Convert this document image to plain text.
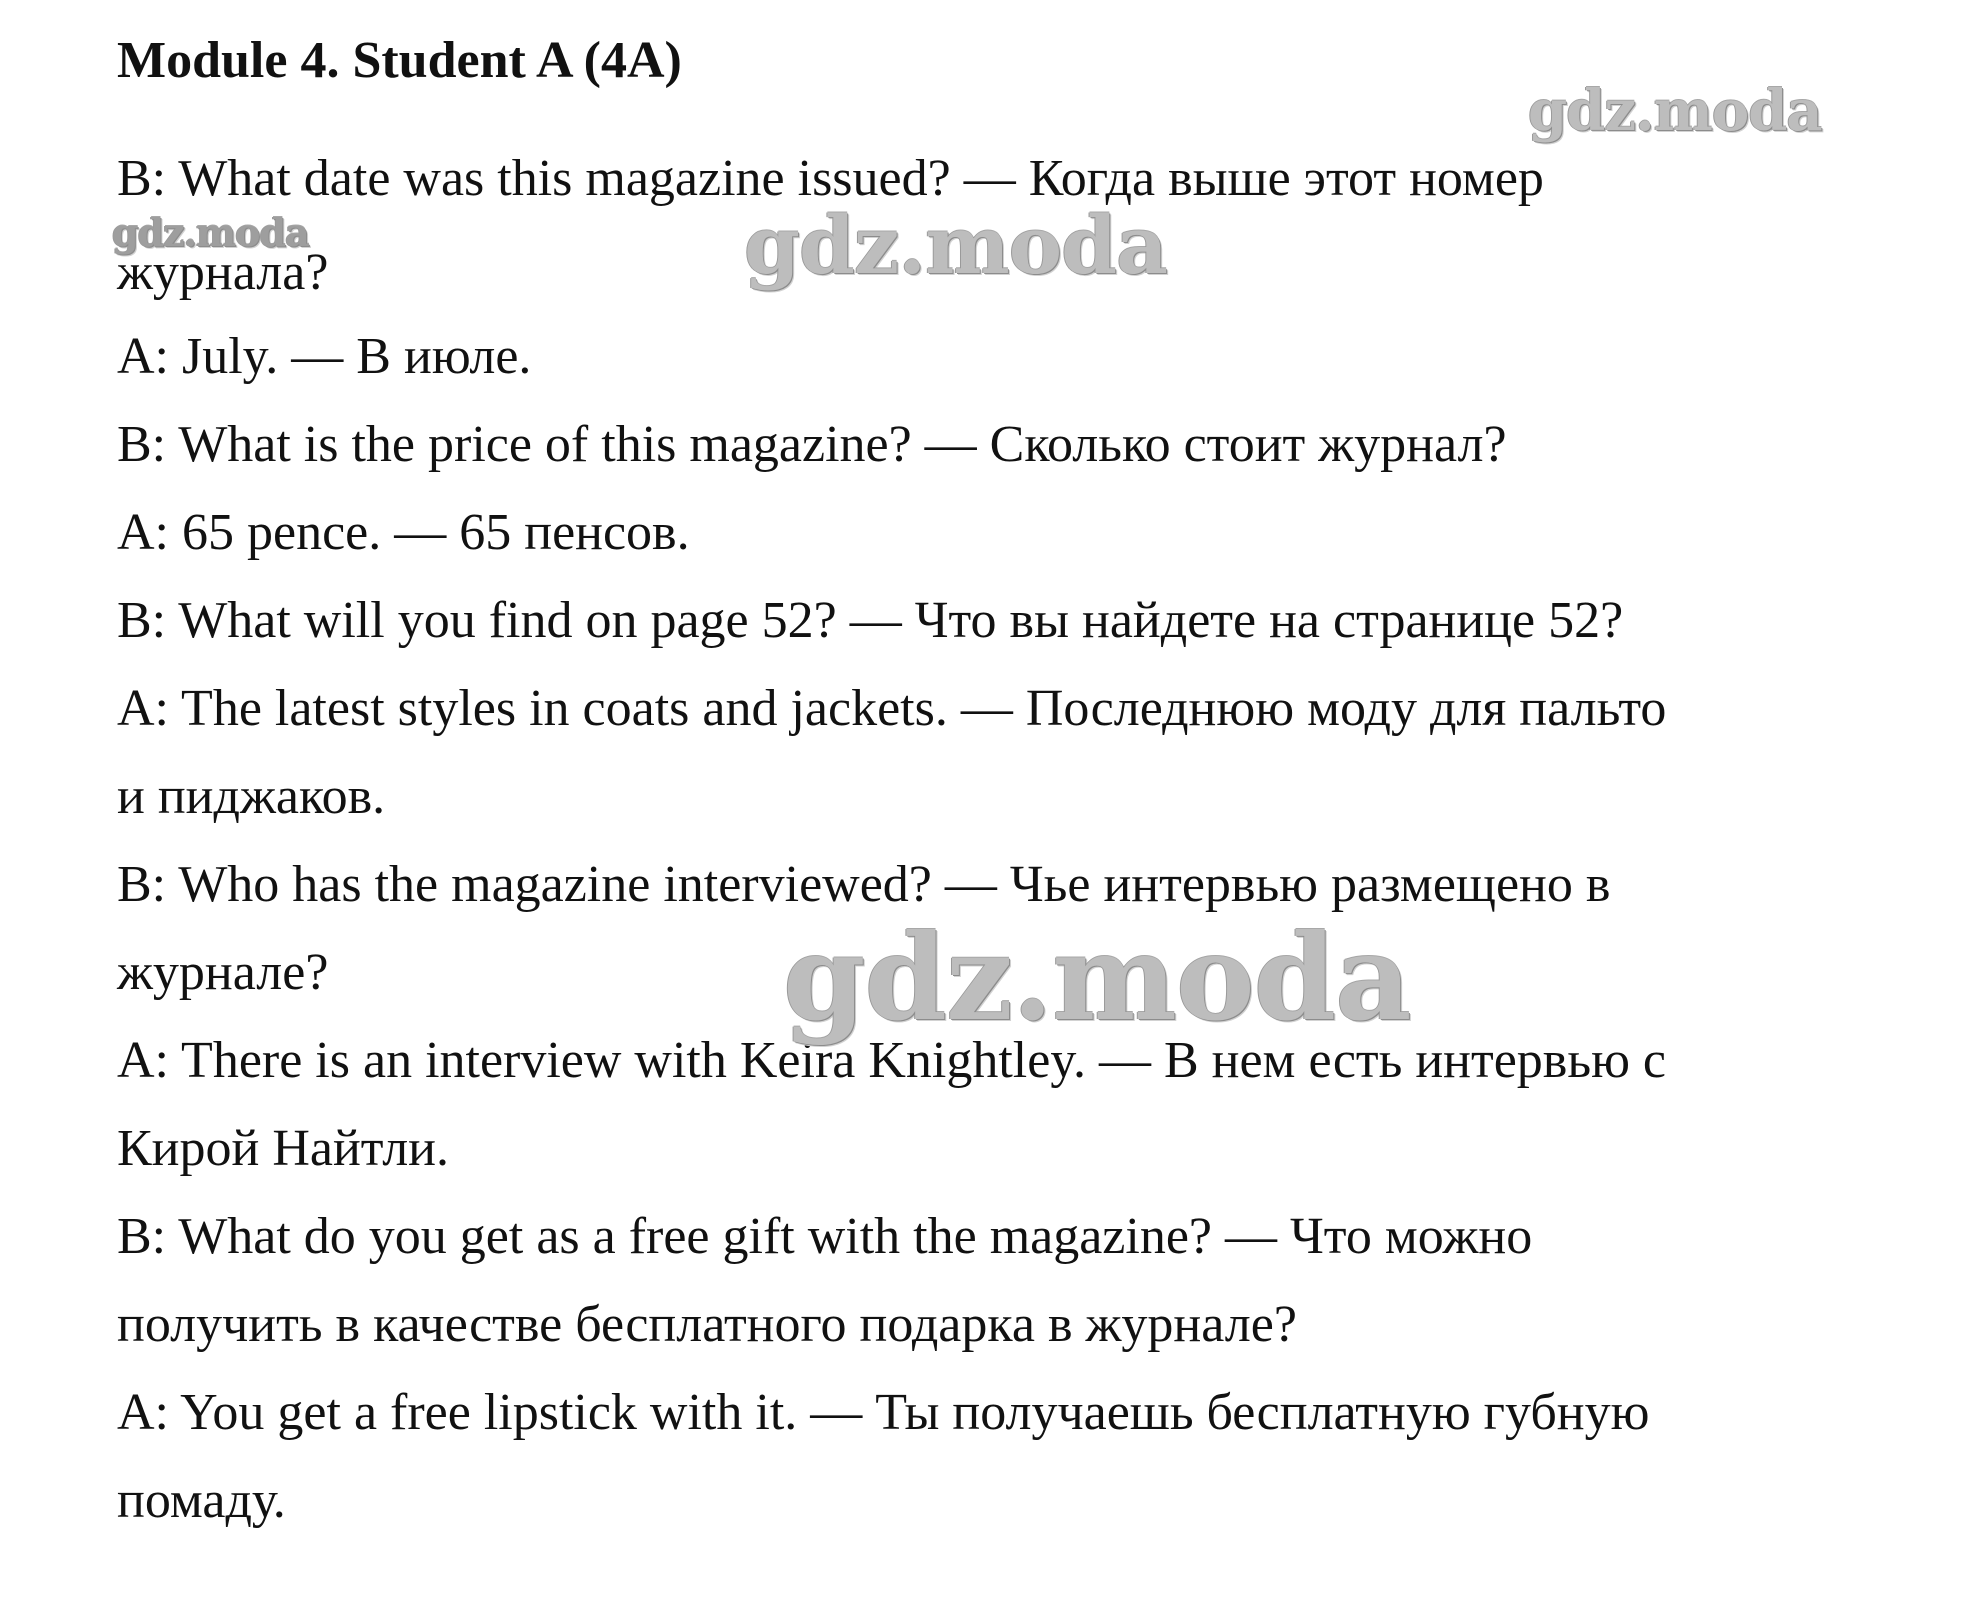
Module 4. Student A (4A)
B: What date was this magazine issued? — Когда выше этот номер
журнала?
A: July. — В июле.
B: What is the price of this magazine? — Сколько стоит журнал?
A: 65 pence. — 65 пенсов.
B: What will you find on page 52? — Что вы найдете на странице 52?
A: The latest styles in coats and jackets. — Последнюю моду для пальто
и пиджаков.
B: Who has the magazine interviewed? — Чье интервью размещено в
журнале?
A: There is an interview with Keira Knightley. — В нем есть интервью с
Кирой Найтли.
B: What do you get as a free gift with the magazine? — Что можно
получить в качестве бесплатного подарка в журнале?
A: You get a free lipstick with it. — Ты получаешь бесплатную губную
помаду.
gdz.moda
gdz.moda	gdz.moda
gdz.moda
